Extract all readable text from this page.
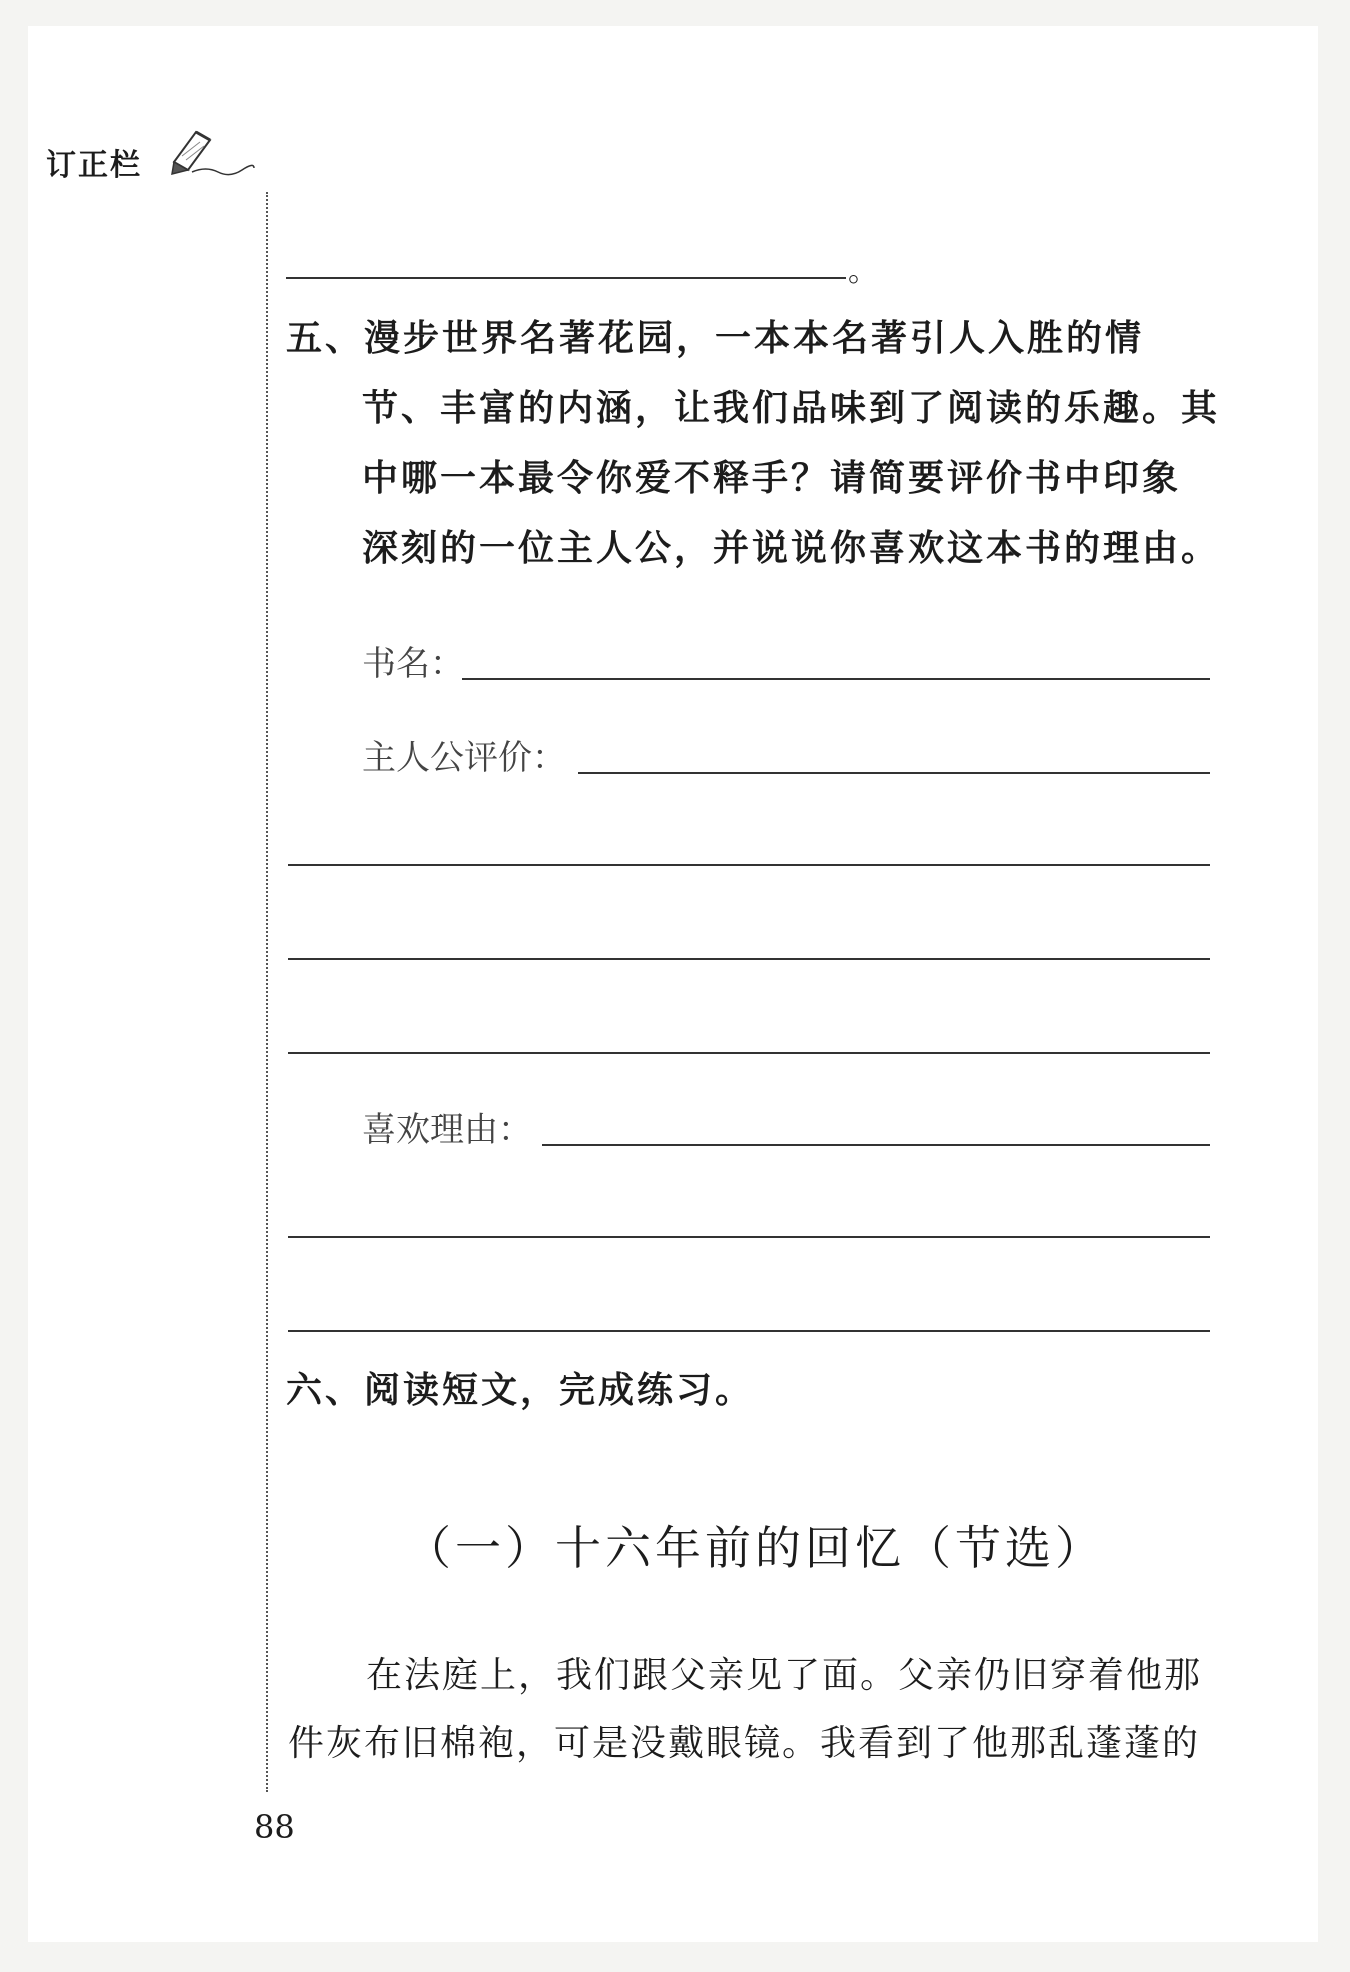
订正栏
。
五、漫步世界名著花园，一本本名著引人入胜的情
节、丰富的内涵，让我们品味到了阅读的乐趣。其
中哪一本最令你爱不释手？请简要评价书中印象
深刻的一位主人公，并说说你喜欢这本书的理由。
书名：
主人公评价：
喜欢理由：
六、阅读短文，完成练习。
（一）十六年前的回忆（节选）
在法庭上，我们跟父亲见了面。父亲仍旧穿着他那
件灰布旧棉袍，可是没戴眼镜。我看到了他那乱蓬蓬的
88
